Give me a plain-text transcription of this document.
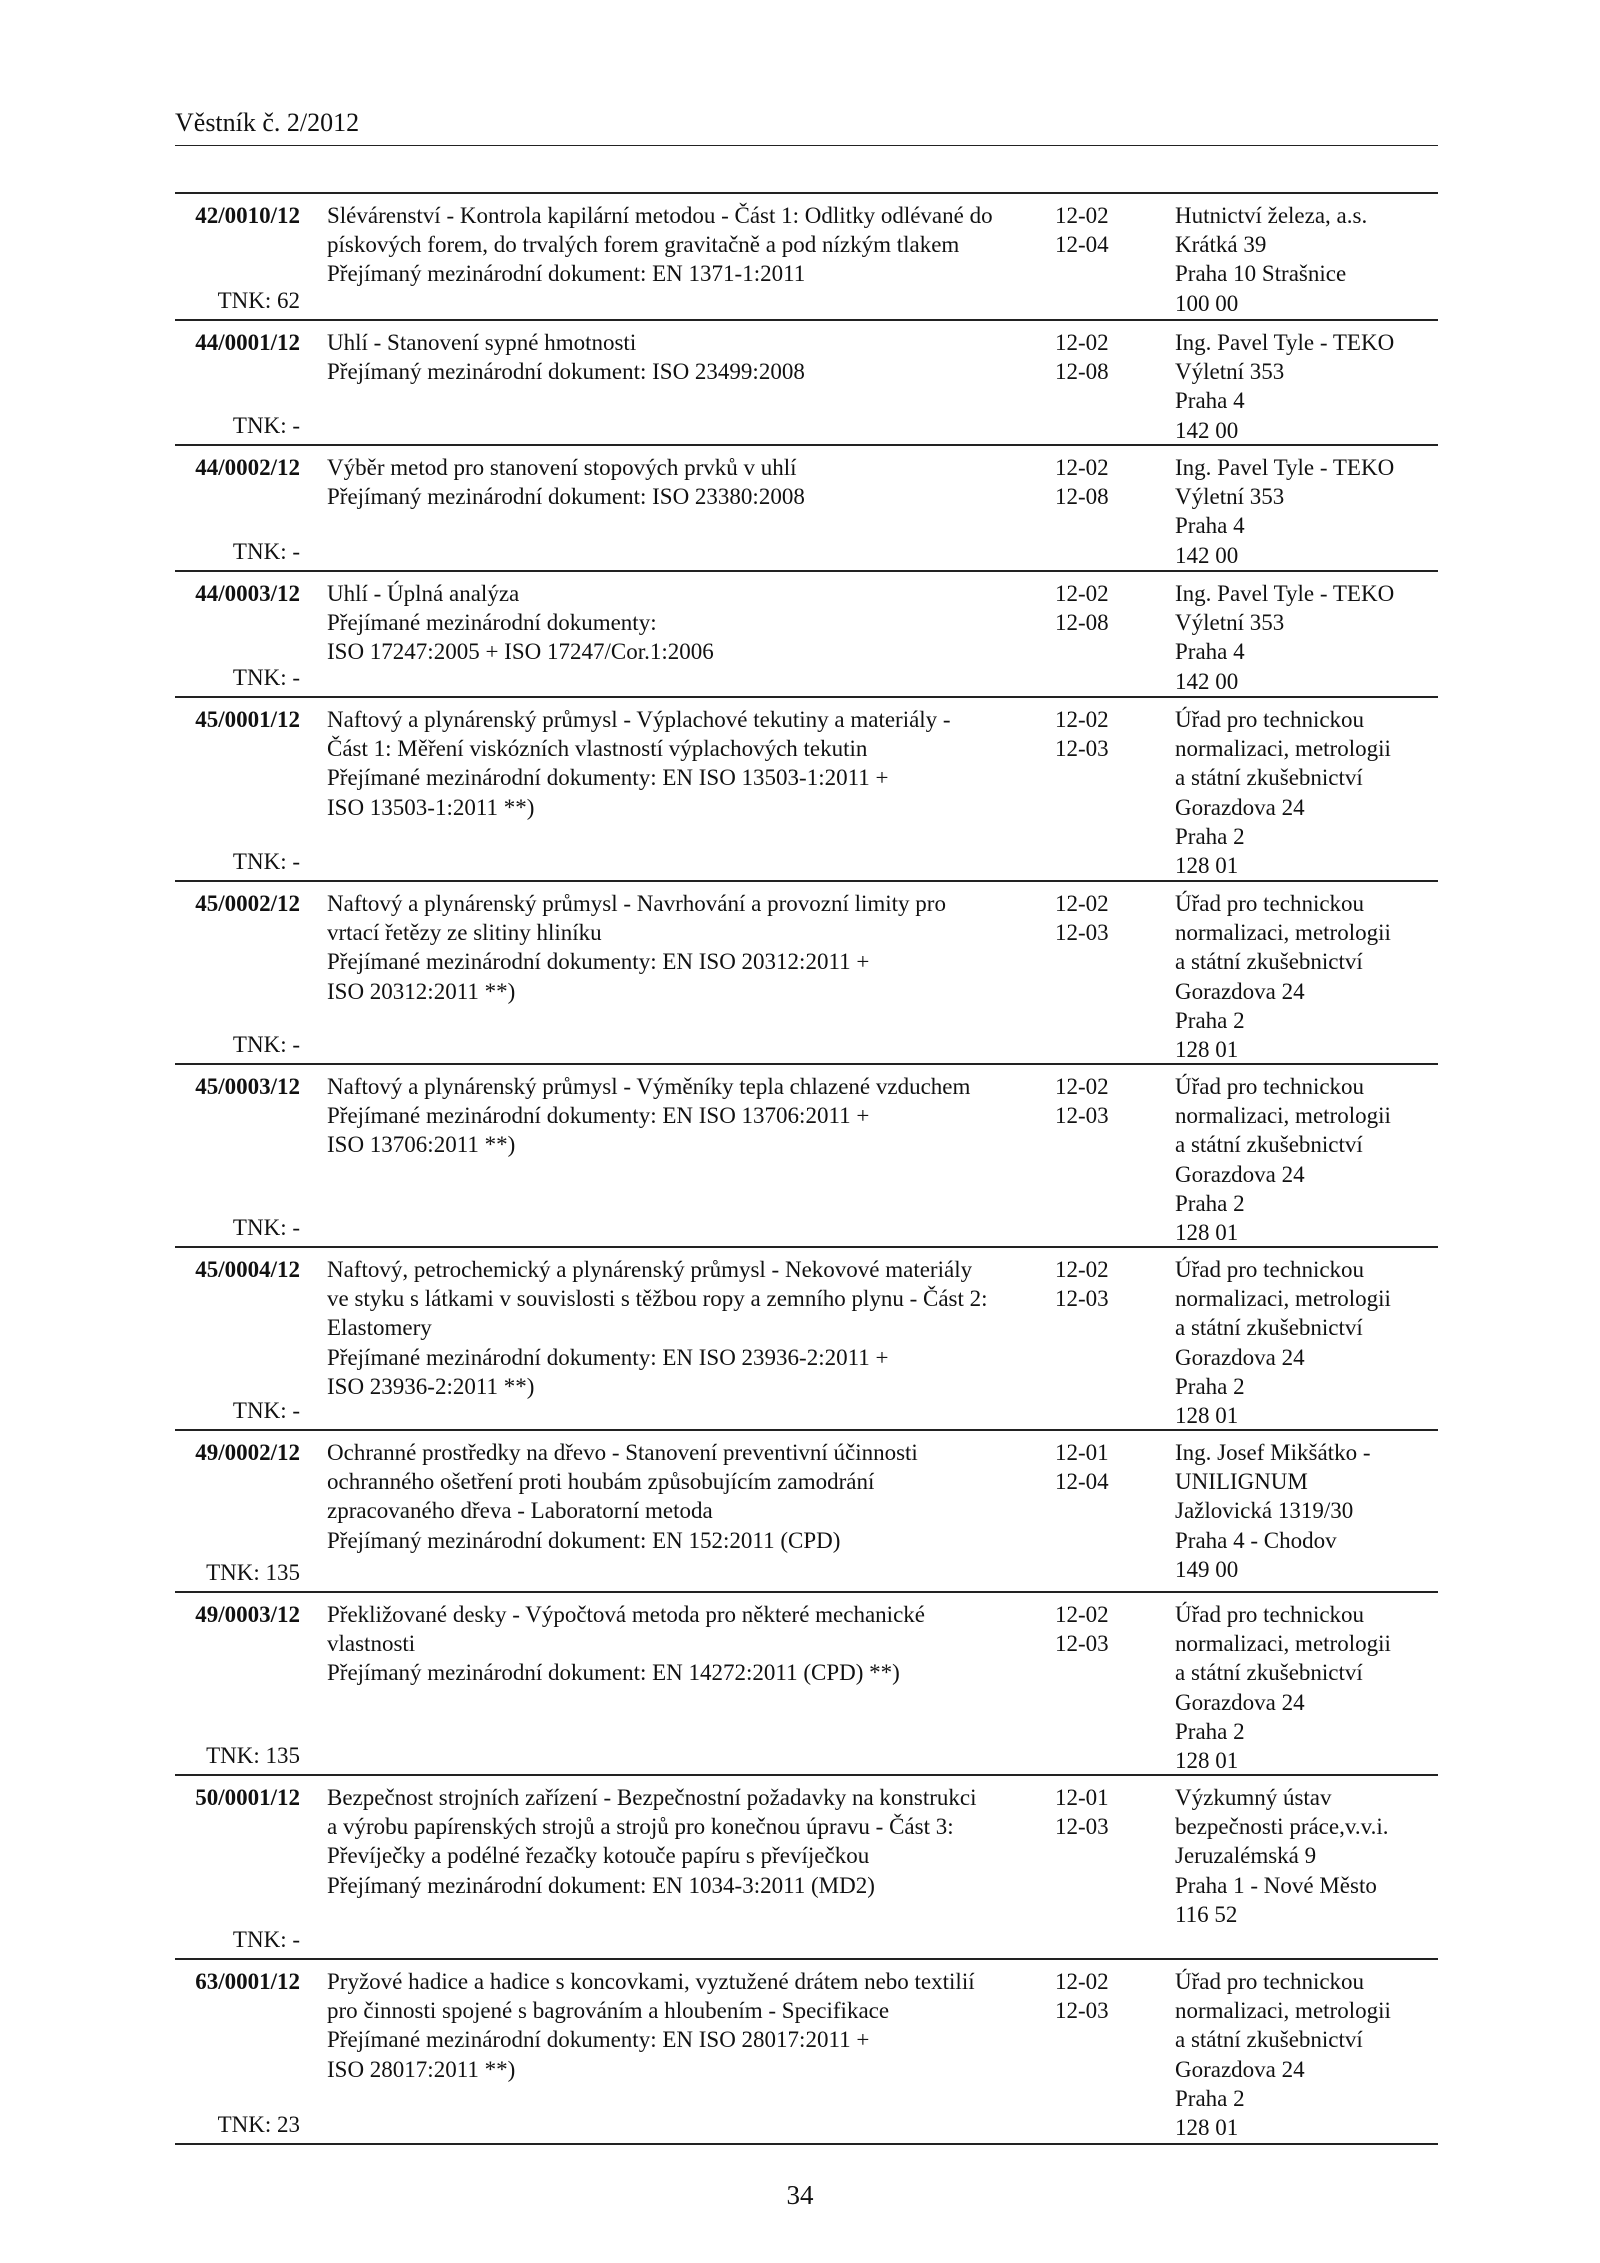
Věstník č. 2/2012
42/0010/12
TNK: 62
Slévárenství - Kontrola kapilární metodou - Část 1: Odlitky odlévané do
pískových forem, do trvalých forem gravitačně a pod nízkým tlakem
Přejímaný mezinárodní dokument: EN 1371-1:2011
12-02
12-04
Hutnictví železa, a.s.
Krátká 39
Praha 10 Strašnice
100 00
44/0001/12
TNK: -
Uhlí - Stanovení sypné hmotnosti
Přejímaný mezinárodní dokument: ISO 23499:2008
12-02
12-08
Ing. Pavel Tyle - TEKO
Výletní 353
Praha 4
142 00
44/0002/12
TNK: -
Výběr metod pro stanovení stopových prvků v uhlí
Přejímaný mezinárodní dokument: ISO 23380:2008
12-02
12-08
Ing. Pavel Tyle - TEKO
Výletní 353
Praha 4
142 00
44/0003/12
TNK: -
Uhlí - Úplná analýza
Přejímané mezinárodní dokumenty:
ISO 17247:2005 + ISO 17247/Cor.1:2006
12-02
12-08
Ing. Pavel Tyle - TEKO
Výletní 353
Praha 4
142 00
45/0001/12
TNK: -
Naftový a plynárenský průmysl - Výplachové tekutiny a materiály -
Část 1: Měření viskózních vlastností výplachových tekutin
Přejímané mezinárodní dokumenty: EN ISO 13503-1:2011 +
ISO 13503-1:2011 **)
12-02
12-03
Úřad pro technickou
normalizaci, metrologii
a státní zkušebnictví
Gorazdova 24
Praha 2
128 01
45/0002/12
TNK: -
Naftový a plynárenský průmysl - Navrhování a provozní limity pro
vrtací řetězy ze slitiny hliníku
Přejímané mezinárodní dokumenty: EN ISO 20312:2011 +
ISO 20312:2011 **)
12-02
12-03
Úřad pro technickou
normalizaci, metrologii
a státní zkušebnictví
Gorazdova 24
Praha 2
128 01
45/0003/12
TNK: -
Naftový a plynárenský průmysl - Výměníky tepla chlazené vzduchem
Přejímané mezinárodní dokumenty: EN ISO 13706:2011 +
ISO 13706:2011 **)
12-02
12-03
Úřad pro technickou
normalizaci, metrologii
a státní zkušebnictví
Gorazdova 24
Praha 2
128 01
45/0004/12
TNK: -
Naftový, petrochemický a plynárenský průmysl - Nekovové materiály
ve styku s látkami v souvislosti s těžbou ropy a zemního plynu - Část 2:
Elastomery
Přejímané mezinárodní dokumenty: EN ISO 23936-2:2011 +
ISO 23936-2:2011 **)
12-02
12-03
Úřad pro technickou
normalizaci, metrologii
a státní zkušebnictví
Gorazdova 24
Praha 2
128 01
49/0002/12
TNK: 135
Ochranné prostředky na dřevo - Stanovení preventivní účinnosti
ochranného ošetření proti houbám způsobujícím zamodrání
zpracovaného dřeva - Laboratorní metoda
Přejímaný mezinárodní dokument: EN 152:2011 (CPD)
12-01
12-04
Ing. Josef Mikšátko -
UNILIGNUM
Jažlovická 1319/30
Praha 4 - Chodov
149 00
49/0003/12
TNK: 135
Překližované desky - Výpočtová metoda pro některé mechanické
vlastnosti
Přejímaný mezinárodní dokument: EN 14272:2011 (CPD) **)
12-02
12-03
Úřad pro technickou
normalizaci, metrologii
a státní zkušebnictví
Gorazdova 24
Praha 2
128 01
50/0001/12
TNK: -
Bezpečnost strojních zařízení - Bezpečnostní požadavky na konstrukci
a výrobu papírenských strojů a strojů pro konečnou úpravu - Část 3:
Převíječky a podélné řezačky kotouče papíru s převíječkou
Přejímaný mezinárodní dokument: EN 1034-3:2011 (MD2)
12-01
12-03
Výzkumný ústav
bezpečnosti práce,v.v.i.
Jeruzalémská 9
Praha 1 - Nové Město
116 52
63/0001/12
TNK: 23
Pryžové hadice a hadice s koncovkami, vyztužené drátem nebo textilií
pro činnosti spojené s bagrováním a hloubením - Specifikace
Přejímané mezinárodní dokumenty: EN ISO 28017:2011 +
ISO 28017:2011 **)
12-02
12-03
Úřad pro technickou
normalizaci, metrologii
a státní zkušebnictví
Gorazdova 24
Praha 2
128 01
34
